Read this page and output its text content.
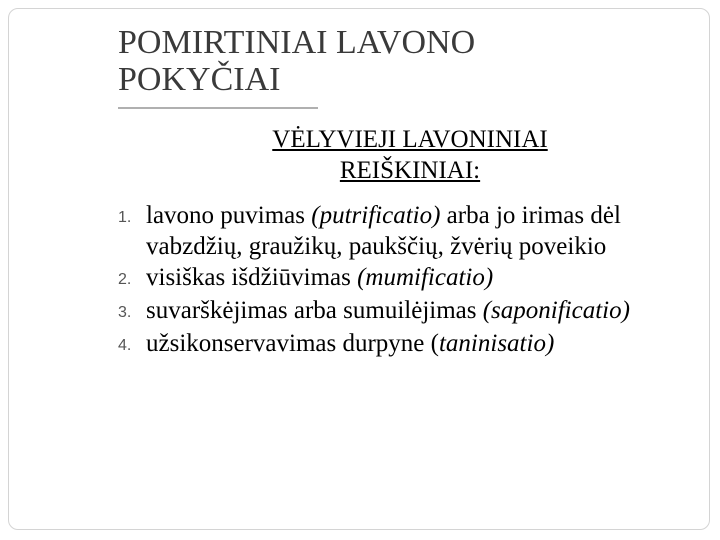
POMIRTINIAI LAVONO
POKYČIAI
VĖLYVIEJI LAVONINIAI
REIŠKINIAI:
1. lavono puvimas (putrificatio) arba jo irimas dėl vabzdžių, graužikų, paukščių, žvėrių poveikio
2. visiškas išdžiūvimas (mumificatio)
3. suvarškėjimas arba sumuilėjimas (saponificatio)
4. užsikonservavimas durpyne (taninisatio)
